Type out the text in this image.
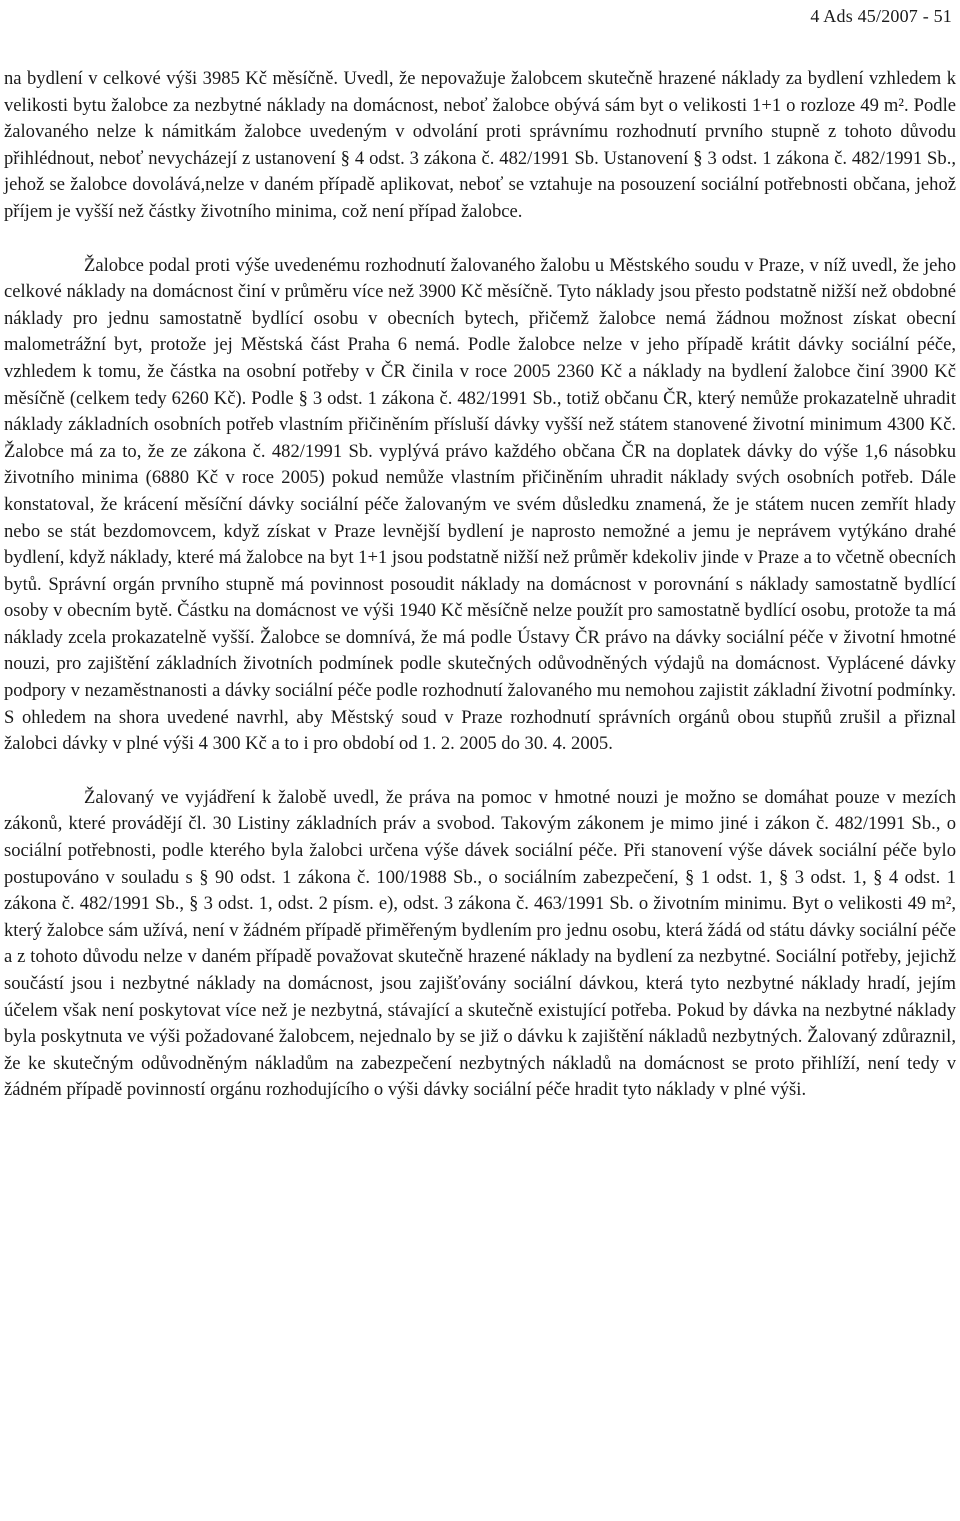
4 Ads 45/2007 - 51

na bydlení v celkové výši 3985 Kč měsíčně. Uvedl, že nepovažuje žalobcem skutečně hrazené náklady za bydlení vzhledem k velikosti bytu žalobce za nezbytné náklady na domácnost, neboť žalobce obývá sám byt o velikosti 1+1 o rozloze 49 m². Podle žalovaného nelze k námitkám žalobce uvedeným v odvolání proti správnímu rozhodnutí prvního stupně z tohoto důvodu přihlédnout, neboť nevycházejí z ustanovení § 4 odst. 3 zákona č. 482/1991 Sb. Ustanovení § 3 odst. 1 zákona č. 482/1991 Sb., jehož se žalobce dovolává,nelze v daném případě aplikovat, neboť se vztahuje na posouzení sociální potřebnosti občana, jehož příjem je vyšší než částky životního minima, což není případ žalobce.

Žalobce podal proti výše uvedenému rozhodnutí žalovaného žalobu u Městského soudu v Praze, v níž uvedl, že jeho celkové náklady na domácnost činí v průměru více než 3900 Kč měsíčně. Tyto náklady jsou přesto podstatně nižší než obdobné náklady pro jednu samostatně bydlící osobu v obecních bytech, přičemž žalobce nemá žádnou možnost získat obecní malometrážní byt, protože jej Městská část Praha 6 nemá. Podle žalobce nelze v jeho případě krátit dávky sociální péče, vzhledem k tomu, že částka na osobní potřeby v ČR činila v roce 2005 2360 Kč a náklady na bydlení žalobce činí 3900 Kč měsíčně (celkem tedy 6260 Kč). Podle § 3 odst. 1 zákona č. 482/1991 Sb., totiž občanu ČR, který nemůže prokazatelně uhradit náklady základních osobních potřeb vlastním přičiněním přísluší dávky vyšší než státem stanovené životní minimum 4300 Kč. Žalobce má za to, že ze zákona č. 482/1991 Sb. vyplývá právo každého občana ČR na doplatek dávky do výše 1,6 násobku životního minima (6880 Kč v roce 2005) pokud nemůže vlastním přičiněním uhradit náklady svých osobních potřeb. Dále konstatoval, že krácení měsíční dávky sociální péče žalovaným ve svém důsledku znamená, že je státem nucen zemřít hlady nebo se stát bezdomovcem, když získat v Praze levnější bydlení je naprosto nemožné a jemu je neprávem vytýkáno drahé bydlení, když náklady, které má žalobce na byt 1+1 jsou podstatně nižší než průměr kdekoliv jinde v Praze a to včetně obecních bytů. Správní orgán prvního stupně má povinnost posoudit náklady na domácnost v porovnání s náklady samostatně bydlící osoby v obecním bytě. Částku na domácnost ve výši 1940 Kč měsíčně nelze použít pro samostatně bydlící osobu, protože ta má náklady zcela prokazatelně vyšší. Žalobce se domnívá, že má podle Ústavy ČR právo na dávky sociální péče v životní hmotné nouzi, pro zajištění základních životních podmínek podle skutečných odůvodněných výdajů na domácnost. Vyplácené dávky podpory v nezaměstnanosti a dávky sociální péče podle rozhodnutí žalovaného mu nemohou zajistit základní životní podmínky. S ohledem na shora uvedené navrhl, aby Městský soud v Praze rozhodnutí správních orgánů obou stupňů zrušil a přiznal žalobci dávky v plné výši 4 300 Kč a to i pro období od 1. 2. 2005 do 30. 4. 2005.

Žalovaný ve vyjádření k žalobě uvedl, že práva na pomoc v hmotné nouzi je možno se domáhat pouze v mezích zákonů, které provádějí čl. 30 Listiny základních práv a svobod. Takovým zákonem je mimo jiné i zákon č. 482/1991 Sb., o sociální potřebnosti, podle kterého byla žalobci určena výše dávek sociální péče. Při stanovení výše dávek sociální péče bylo postupováno v souladu s § 90 odst. 1 zákona č. 100/1988 Sb., o sociálním zabezpečení, § 1 odst. 1, § 3 odst. 1, § 4 odst. 1 zákona č. 482/1991 Sb., § 3 odst. 1, odst. 2 písm. e), odst. 3 zákona č. 463/1991 Sb. o životním minimu. Byt o velikosti 49 m², který žalobce sám užívá, není v žádném případě přiměřeným bydlením pro jednu osobu, která žádá od státu dávky sociální péče a z tohoto důvodu nelze v daném případě považovat skutečně hrazené náklady na bydlení za nezbytné. Sociální potřeby, jejichž součástí jsou i nezbytné náklady na domácnost, jsou zajišťovány sociální dávkou, která tyto nezbytné náklady hradí, jejím účelem však není poskytovat více než je nezbytná, stávající a skutečně existující potřeba. Pokud by dávka na nezbytné náklady byla poskytnuta ve výši požadované žalobcem, nejednalo by se již o dávku k zajištění nákladů nezbytných. Žalovaný zdůraznil, že ke skutečným odůvodněným nákladům na zabezpečení nezbytných nákladů na domácnost se proto přihlíží, není tedy v žádném případě povinností orgánu rozhodujícího o výši dávky sociální péče hradit tyto náklady v plné výši.
